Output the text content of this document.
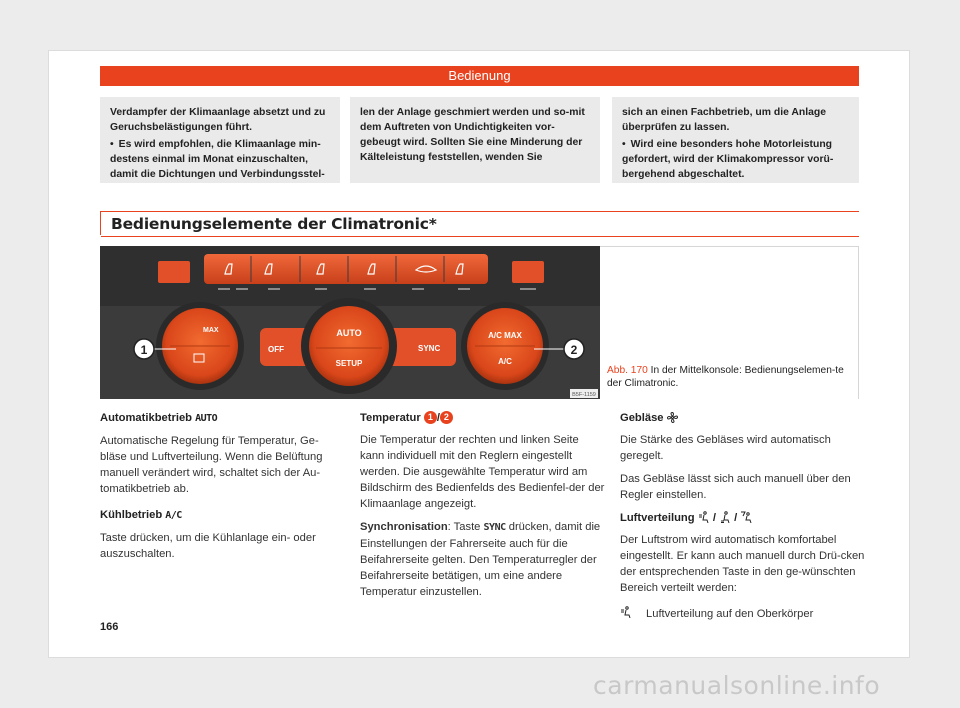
Bedienung

Verdampfer der Klimaanlage absetzt und zu Geruchsbelästigungen führt.

• Es wird empfohlen, die Klimaanlage min-destens einmal im Monat einzuschalten, damit die Dichtungen und Verbindungsstel-

len der Anlage geschmiert werden und so-mit dem Auftreten von Undichtigkeiten vor-gebeugt wird. Sollten Sie eine Minderung der Kälteleistung feststellen, wenden Sie

sich an einen Fachbetrieb, um die Anlage überprüfen zu lassen.

• Wird eine besonders hohe Motorleistung gefordert, wird der Klimakompressor vorü-bergehend abgeschaltet.

Bedienungselemente der Climatronic*
OFF	SYNC
MAX	AUTO
SETUP
A/C MAX
A/C
1	2
B5F-1159
Abb. 170 In der Mittelkonsole: Bedienungselemen-te der Climatronic.

Automatikbetrieb AUTO

Automatische Regelung für Temperatur, Ge-bläse und Luftverteilung. Wenn die Belüftung manuell verändert wird, schaltet sich der Au-tomatikbetrieb ab.

Kühlbetrieb A/C

Taste drücken, um die Kühlanlage ein- oder auszuschalten.

Temperatur 1 / 2

Die Temperatur der rechten und linken Seite kann individuell mit den Reglern eingestellt werden. Die ausgewählte Temperatur wird am Bildschirm des Bedienfelds des Bedienfel-der der Klimaanlage angezeigt.

Synchronisation: Taste SYNC drücken, damit die Einstellungen der Fahrerseite auch für die Beifahrerseite gelten. Den Temperaturregler der Beifahrerseite betätigen, um eine andere Temperatur einzustellen.

Gebläse

Die Stärke des Gebläses wird automatisch geregelt.

Das Gebläse lässt sich auch manuell über den Regler einstellen.

Luftverteilung / /

Der Luftstrom wird automatisch komfortabel eingestellt. Er kann auch manuell durch Drü-cken der entsprechenden Taste in den ge-wünschten Bereich verteilt werden:

Luftverteilung auf den Oberkörper
166
carmanualsonline.info
